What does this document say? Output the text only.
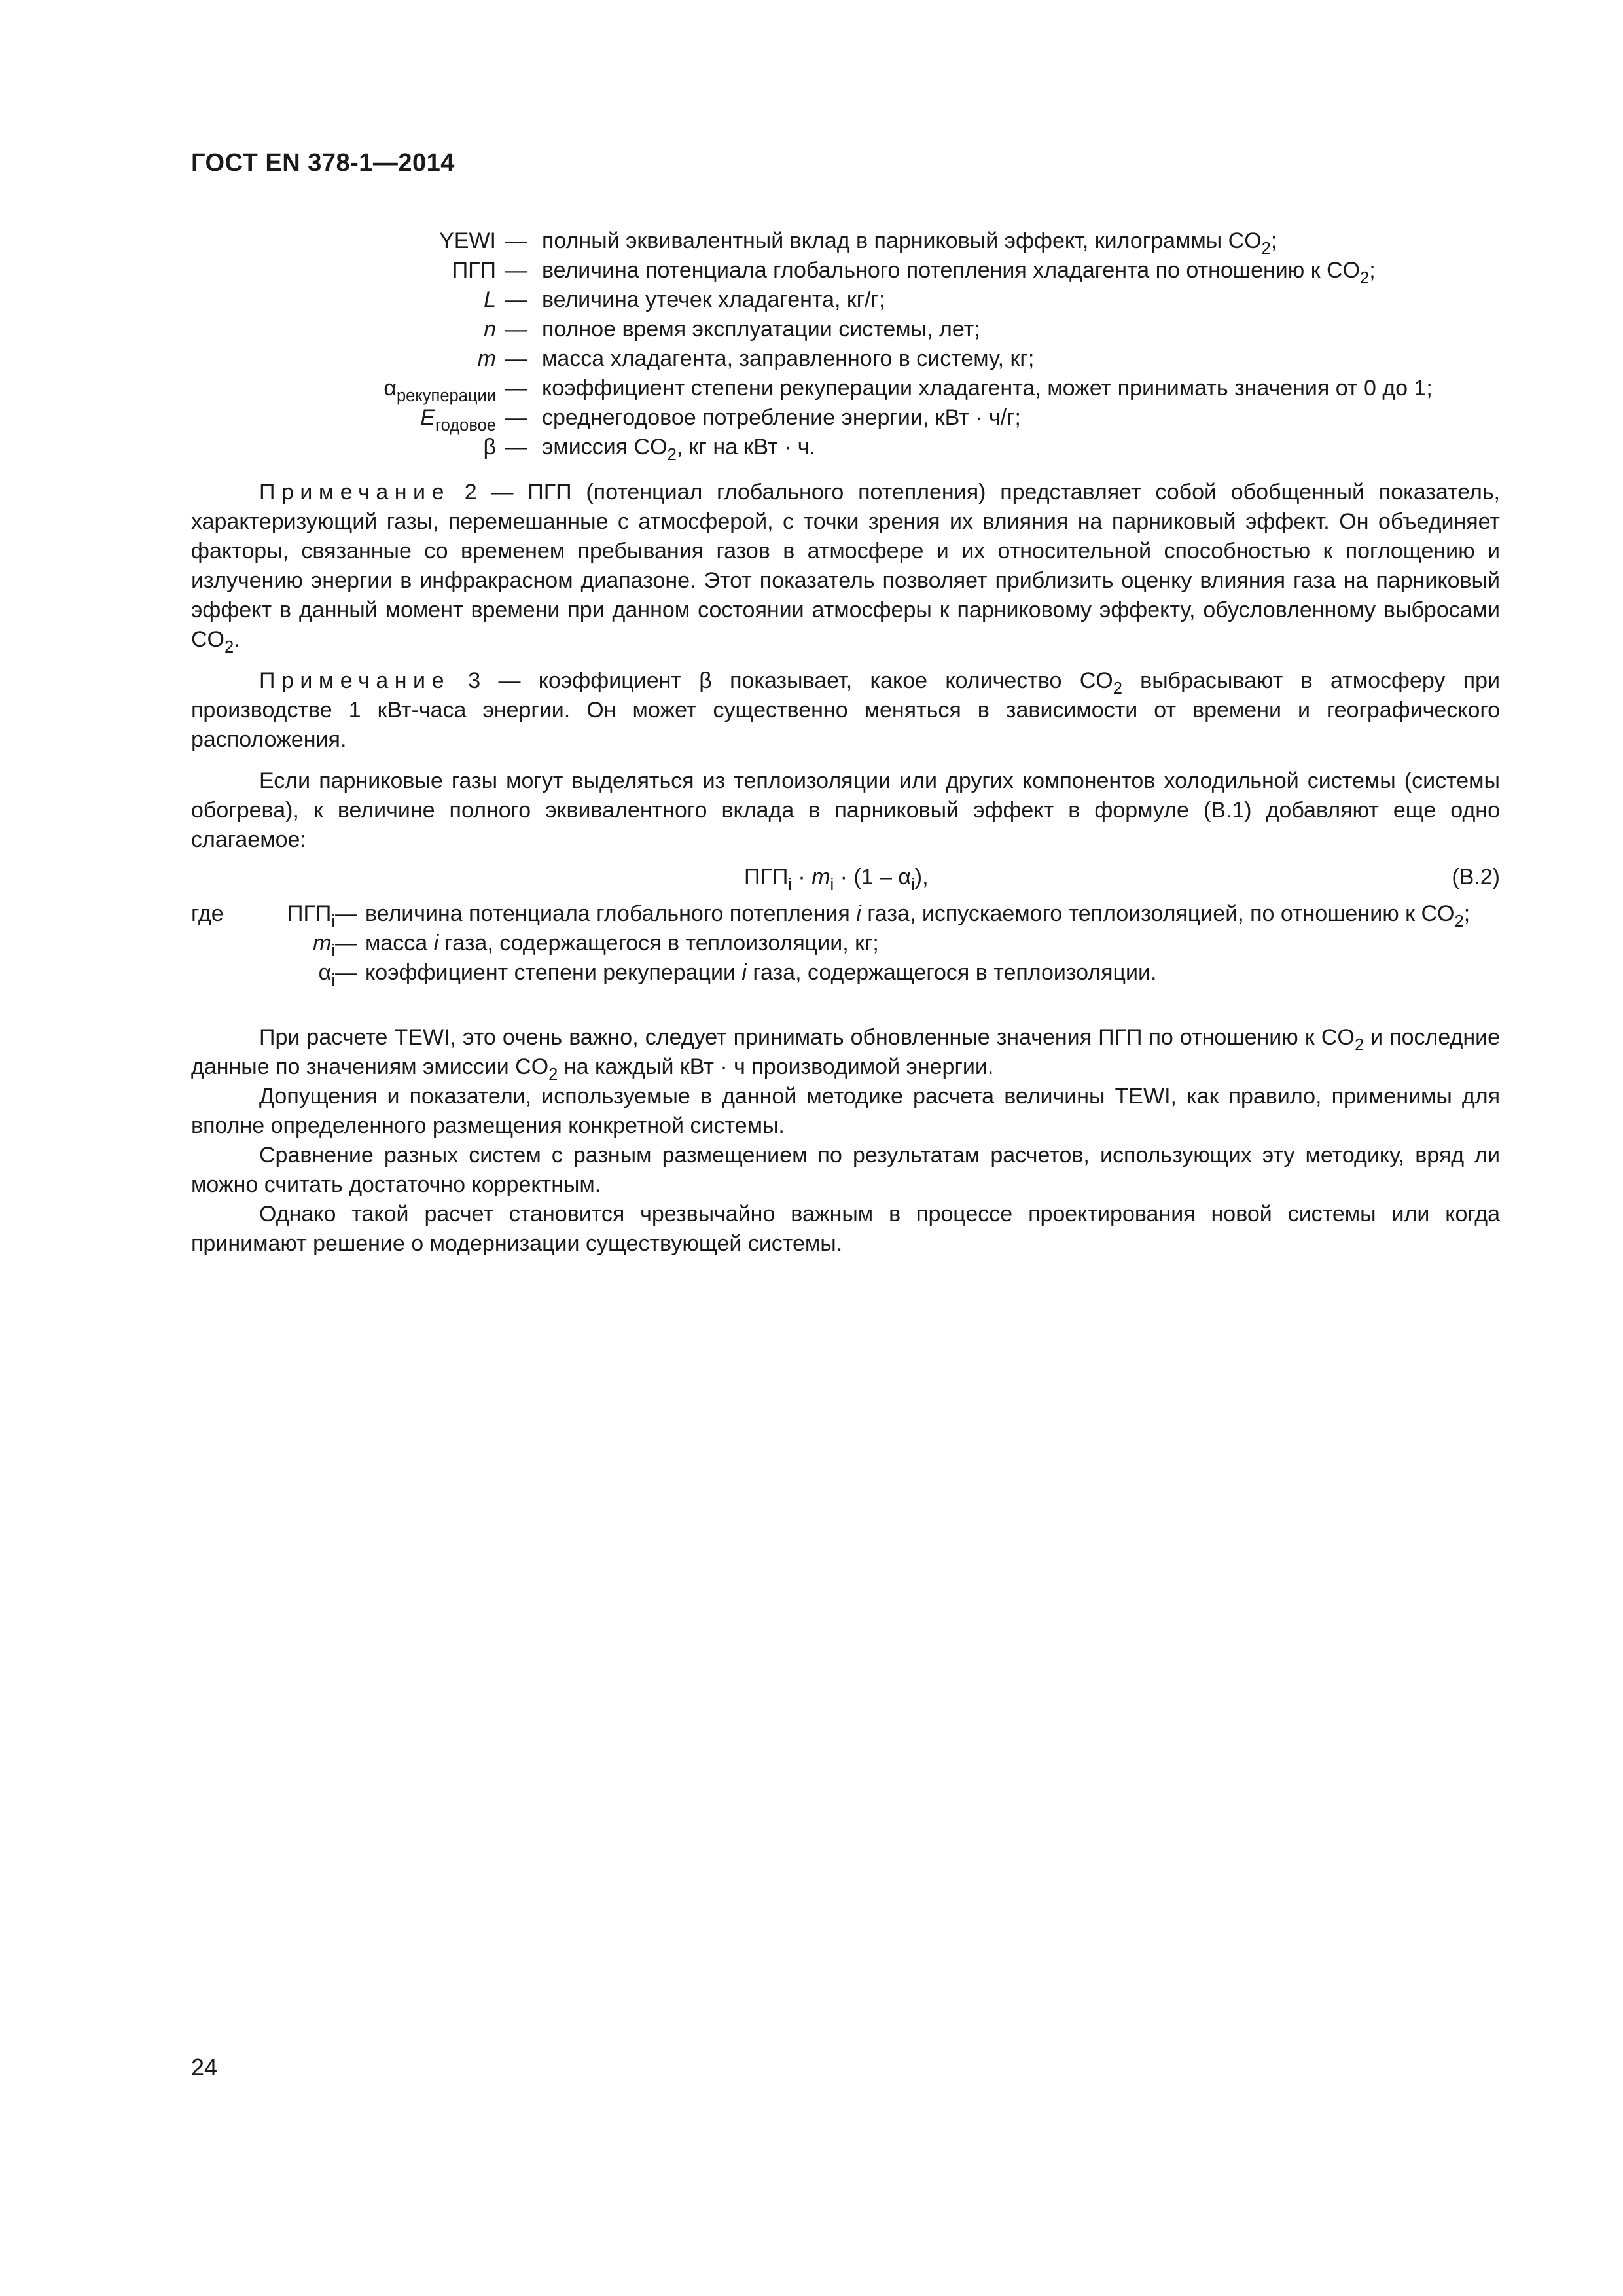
ГОСТ EN 378-1—2014
YEWI — полный эквивалентный вклад в парниковый эффект, килограммы $CO_2$;
ПГП — величина потенциала глобального потепления хладагента по отношению к $CO_2$;
L — величина утечек хладагента, кг/г;
n — полное время эксплуатации системы, лет;
m — масса хладагента, заправленного в систему, кг;
$\alpha_{рекуперации}$ — коэффициент степени рекуперации хладагента, может принимать значения от 0 до 1;
$E_{годовое}$ — среднегодовое потребление энергии, кВт · ч/г;
β — эмиссия $CO_2$, кг на кВт · ч.

Примечание 2 — ПГП (потенциал глобального потепления) представляет собой обобщенный показатель, характеризующий газы, перемешанные с атмосферой, с точки зрения их влияния на парниковый эффект. Он объединяет факторы, связанные со временем пребывания газов в атмосфере и их относительной способностью к поглощению и излучению энергии в инфракрасном диапазоне. Этот показатель позволяет приблизить оценку влияния газа на парниковый эффект в данный момент времени при данном состоянии атмосферы к парниковому эффекту, обусловленному выбросами $CO_2$.

Примечание 3 — коэффициент β показывает, какое количество $CO_2$ выбрасывают в атмосферу при производстве 1 кВт-часа энергии. Он может существенно меняться в зависимости от времени и географического расположения.

Если парниковые газы могут выделяться из теплоизоляции или других компонентов холодильной системы (системы обогрева), к величине полного эквивалентного вклада в парниковый эффект в формуле (B.1) добавляют еще одно слагаемое:

$ПГП_i \cdot m_i \cdot (1 - \alpha_i)$,	(B.2)
где	$ПГП_i$ — величина потенциала глобального потепления i газа, испускаемого теплоизоляцией, по отношению к $CO_2$;
$m_i$ — масса i газа, содержащегося в теплоизоляции, кг;
$\alpha_i$ — коэффициент степени рекуперации i газа, содержащегося в теплоизоляции.

При расчете TEWI, это очень важно, следует принимать обновленные значения ПГП по отношению к $CO_2$ и последние данные по значениям эмиссии $CO_2$ на каждый кВт · ч производимой энергии.

Допущения и показатели, используемые в данной методике расчета величины TEWI, как правило, применимы для вполне определенного размещения конкретной системы.

Сравнение разных систем с разным размещением по результатам расчетов, использующих эту методику, вряд ли можно считать достаточно корректным.

Однако такой расчет становится чрезвычайно важным в процессе проектирования новой системы или когда принимают решение о модернизации существующей системы.

24
